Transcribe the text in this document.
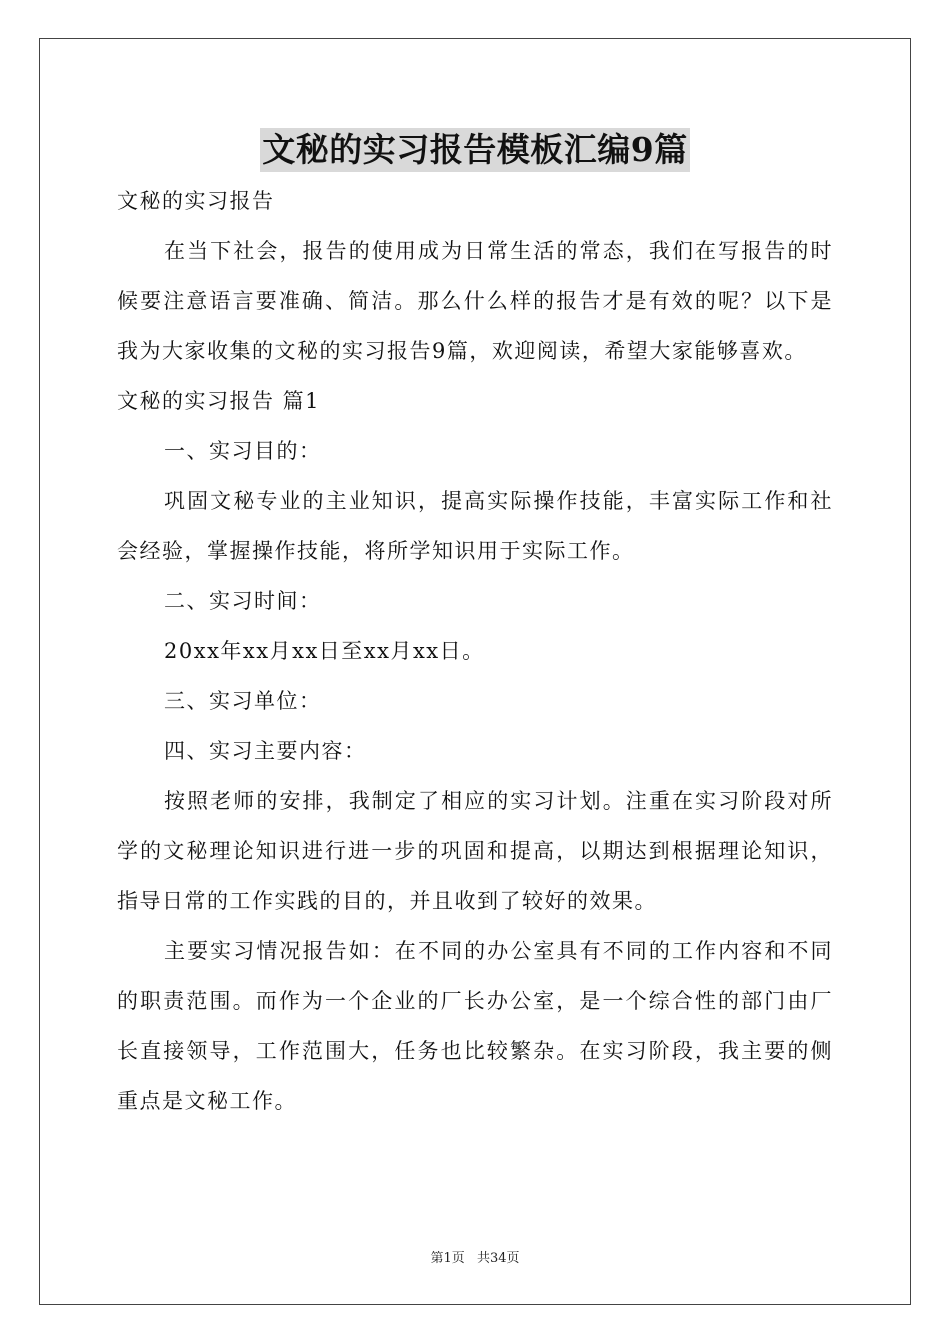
文秘的实习报告模板汇编9篇

文秘的实习报告

在当下社会，报告的使用成为日常生活的常态，我们在写报告的时候要注意语言要准确、简洁。那么什么样的报告才是有效的呢？以下是我为大家收集的文秘的实习报告9篇，欢迎阅读，希望大家能够喜欢。

文秘的实习报告 篇1

一、实习目的：

巩固文秘专业的主业知识，提高实际操作技能，丰富实际工作和社会经验，掌握操作技能，将所学知识用于实际工作。

二、实习时间：

20xx年xx月xx日至xx月xx日。

三、实习单位：

四、实习主要内容：

按照老师的安排，我制定了相应的实习计划。注重在实习阶段对所学的文秘理论知识进行进一步的巩固和提高，以期达到根据理论知识，指导日常的工作实践的目的，并且收到了较好的效果。

主要实习情况报告如：在不同的办公室具有不同的工作内容和不同的职责范围。而作为一个企业的厂长办公室，是一个综合性的部门由厂长直接领导，工作范围大，任务也比较繁杂。在实习阶段，我主要的侧重点是文秘工作。

第1页 共34页
